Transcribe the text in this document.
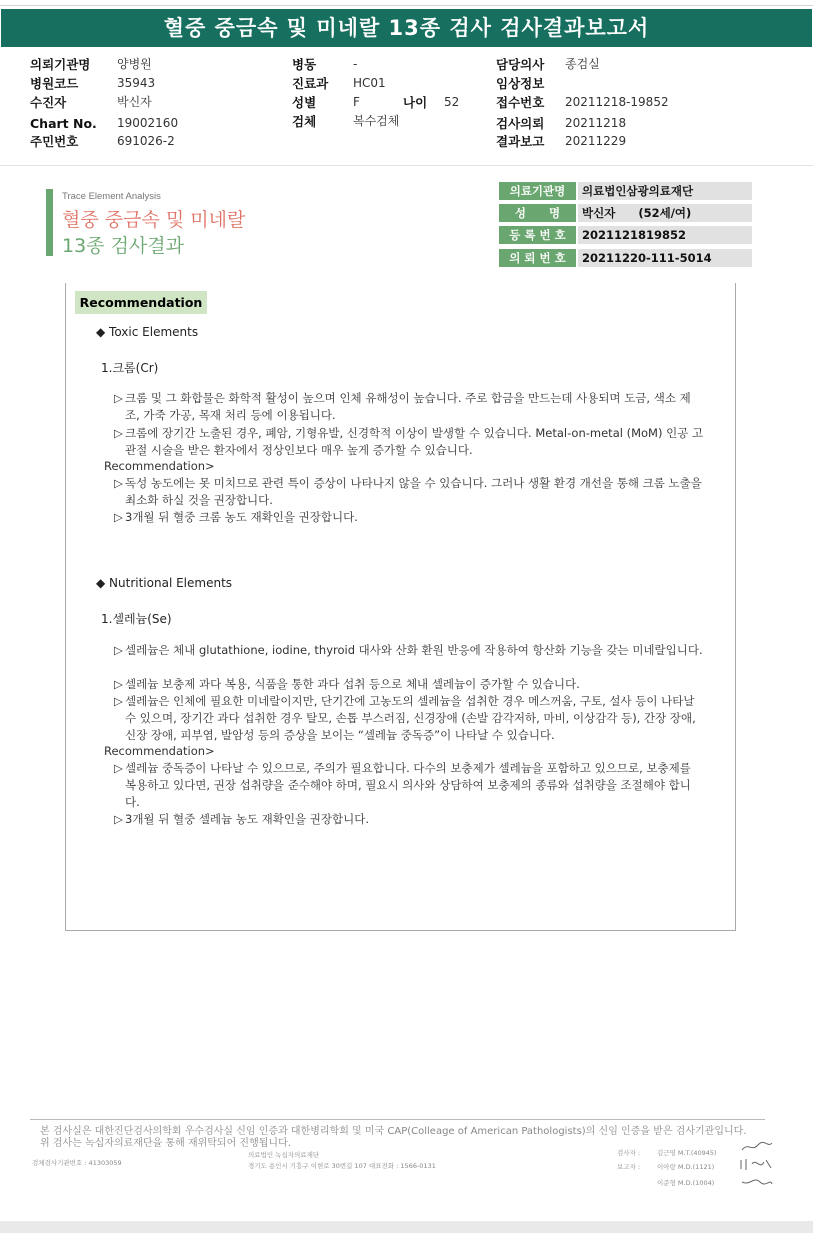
혈중 중금속 및 미네랄 13종 검사 검사결과보고서
의뢰기관명 양병원
병원코드	35943
수진자	박신자
Chart No. 19002160
주민번호	691026-2
병동	-
진료과 HC01
성별	F	나이 52
검체	복수검체
담당의사 종검실
임상정보
접수번호 20211218-19852
검사의뢰 20211218
결과보고 20211229
Trace Element Analysis
혈중 중금속 및 미네랄
13종 검사결과
의료기관명	의료법인삼광의료재단
성　　명	박신자　　(52세/여)
등 록 번 호	2021121819852
의 뢰 번 호	20211220-111-5014
Recommendation
◆ Toxic Elements
1.크롬(Cr)
▷ 크롬 및 그 화합물은 화학적 활성이 높으며 인체 유해성이 높습니다. 주로 합금을 만드는데 사용되며 도금, 색소 제조, 가죽 가공, 목재 처리 등에 이용됩니다.
▷ 크롬에 장기간 노출된 경우, 폐암, 기형유발, 신경학적 이상이 발생할 수 있습니다. Metal-on-metal (MoM) 인공 고관절 시술을 받은 환자에서 정상인보다 매우 높게 증가할 수 있습니다.
Recommendation>
▷ 독성 농도에는 못 미치므로 관련 특이 증상이 나타나지 않을 수 있습니다. 그러나 생활 환경 개선을 통해 크롬 노출을 최소화 하실 것을 권장합니다.
▷ 3개월 뒤 혈중 크롬 농도 재확인을 권장합니다.
◆ Nutritional Elements
1.셀레늄(Se)
▷ 셀레늄은 체내 glutathione, iodine, thyroid 대사와 산화 환원 반응에 작용하여 항산화 기능을 갖는 미네랄입니다.
▷ 셀레늄 보충제 과다 복용, 식품을 통한 과다 섭취 등으로 체내 셀레늄이 증가할 수 있습니다.
▷ 셀레늄은 인체에 필요한 미네랄이지만, 단기간에 고농도의 셀레늄을 섭취한 경우 메스꺼움, 구토, 설사 등이 나타날 수 있으며, 장기간 과다 섭취한 경우 탈모, 손톱 부스러짐, 신경장애 (손발 감각저하, 마비, 이상감각 등), 간장 장애, 신장 장애, 피부염, 발암성 등의 증상을 보이는 “셀레늄 중독증”이 나타날 수 있습니다.
Recommendation>
▷ 셀레늄 중독증이 나타날 수 있으므로, 주의가 필요합니다. 다수의 보충제가 셀레늄을 포함하고 있으므로, 보충제를 복용하고 있다면, 권장 섭취량을 준수해야 하며, 필요시 의사와 상담하여 보충제의 종류와 섭취량을 조절해야 합니다.
▷ 3개월 뒤 혈중 셀레늄 농도 재확인을 권장합니다.
본 검사실은 대한진단검사의학회 우수검사실 신임 인증과 대한병리학회 및 미국 CAP(Colleage of American Pathologists)의 신임 인증을 받은 검사기관입니다.
위 검사는 녹십자의료재단을 통해 재위탁되어 진행됩니다.
검체검사기관번호 : 41303059
의료법인 녹십자의료재단
경기도 용인시 기흥구 이현로 30번길 107 대표전화 : 1566-0131
검사자 :	김근영 M.T.(40945)
보고자 :	이아랑 M.D.(1121)
이준형 M.D.(1004)
